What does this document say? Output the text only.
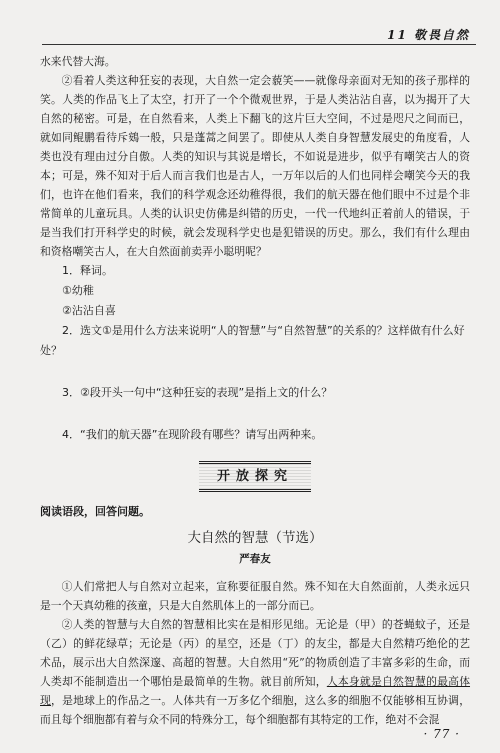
11 敬畏自然

水来代替大海。

②看着人类这种狂妄的表现，大自然一定会藐笑——就像母亲面对无知的孩子那样的笑。人类的作品飞上了太空，打开了一个个微观世界，于是人类沾沾自喜，以为揭开了大自然的秘密。可是，在自然看来，人类上下翻飞的这片巨大空间，不过是咫尺之间而已，就如同鲲鹏看待斥鴳一般，只是蓬蒿之间罢了。即使从人类自身智慧发展史的角度看，人类也没有理由过分自傲。人类的知识与其说是增长，不如说是进步，似乎有嘲笑古人的资本；可是，殊不知对于后人而言我们也是古人，一万年以后的人们也同样会嘲笑今天的我们，也许在他们看来，我们的科学观念还幼稚得很，我们的航天器在他们眼中不过是个非常简单的儿童玩具。人类的认识史仿佛是纠错的历史，一代一代地纠正着前人的错误，于是当我们打开科学史的时候，就会发现科学史也是犯错误的历史。那么，我们有什么理由和资格嘲笑古人，在大自然面前卖弄小聪明呢？

1．释词。

①幼稚

②沾沾自喜

2．选文①是用什么方法来说明“人的智慧”与“自然智慧”的关系的？这样做有什么好处？

3．②段开头一句中“这种狂妄的表现”是指上文的什么？

4．“我们的航天器”在现阶段有哪些？请写出两种来。

开放探究

阅读语段，回答问题。

大自然的智慧（节选）

严春友

①人们常把人与自然对立起来，宣称要征服自然。殊不知在大自然面前，人类永远只是一个天真幼稚的孩童，只是大自然肌体上的一部分而已。

②人类的智慧与大自然的智慧相比实在是相形见绌。无论是（甲）的苍蝇蚊子，还是（乙）的鲜花绿草；无论是（丙）的星空，还是（丁）的友尘，都是大自然精巧绝伦的艺术品，展示出大自然深邃、高超的智慧。大自然用“死”的物质创造了丰富多彩的生命，而人类却不能制造出一个哪怕是最简单的生物。就目前所知，人本身就是自然智慧的最高体现，是地球上的作品之一。人体共有一万多亿个细胞，这么多的细胞不仅能够相互协调，而且每个细胞都有着与众不同的特殊分工，每个细胞都有其特定的工作，绝对不会混

· 77 ·
